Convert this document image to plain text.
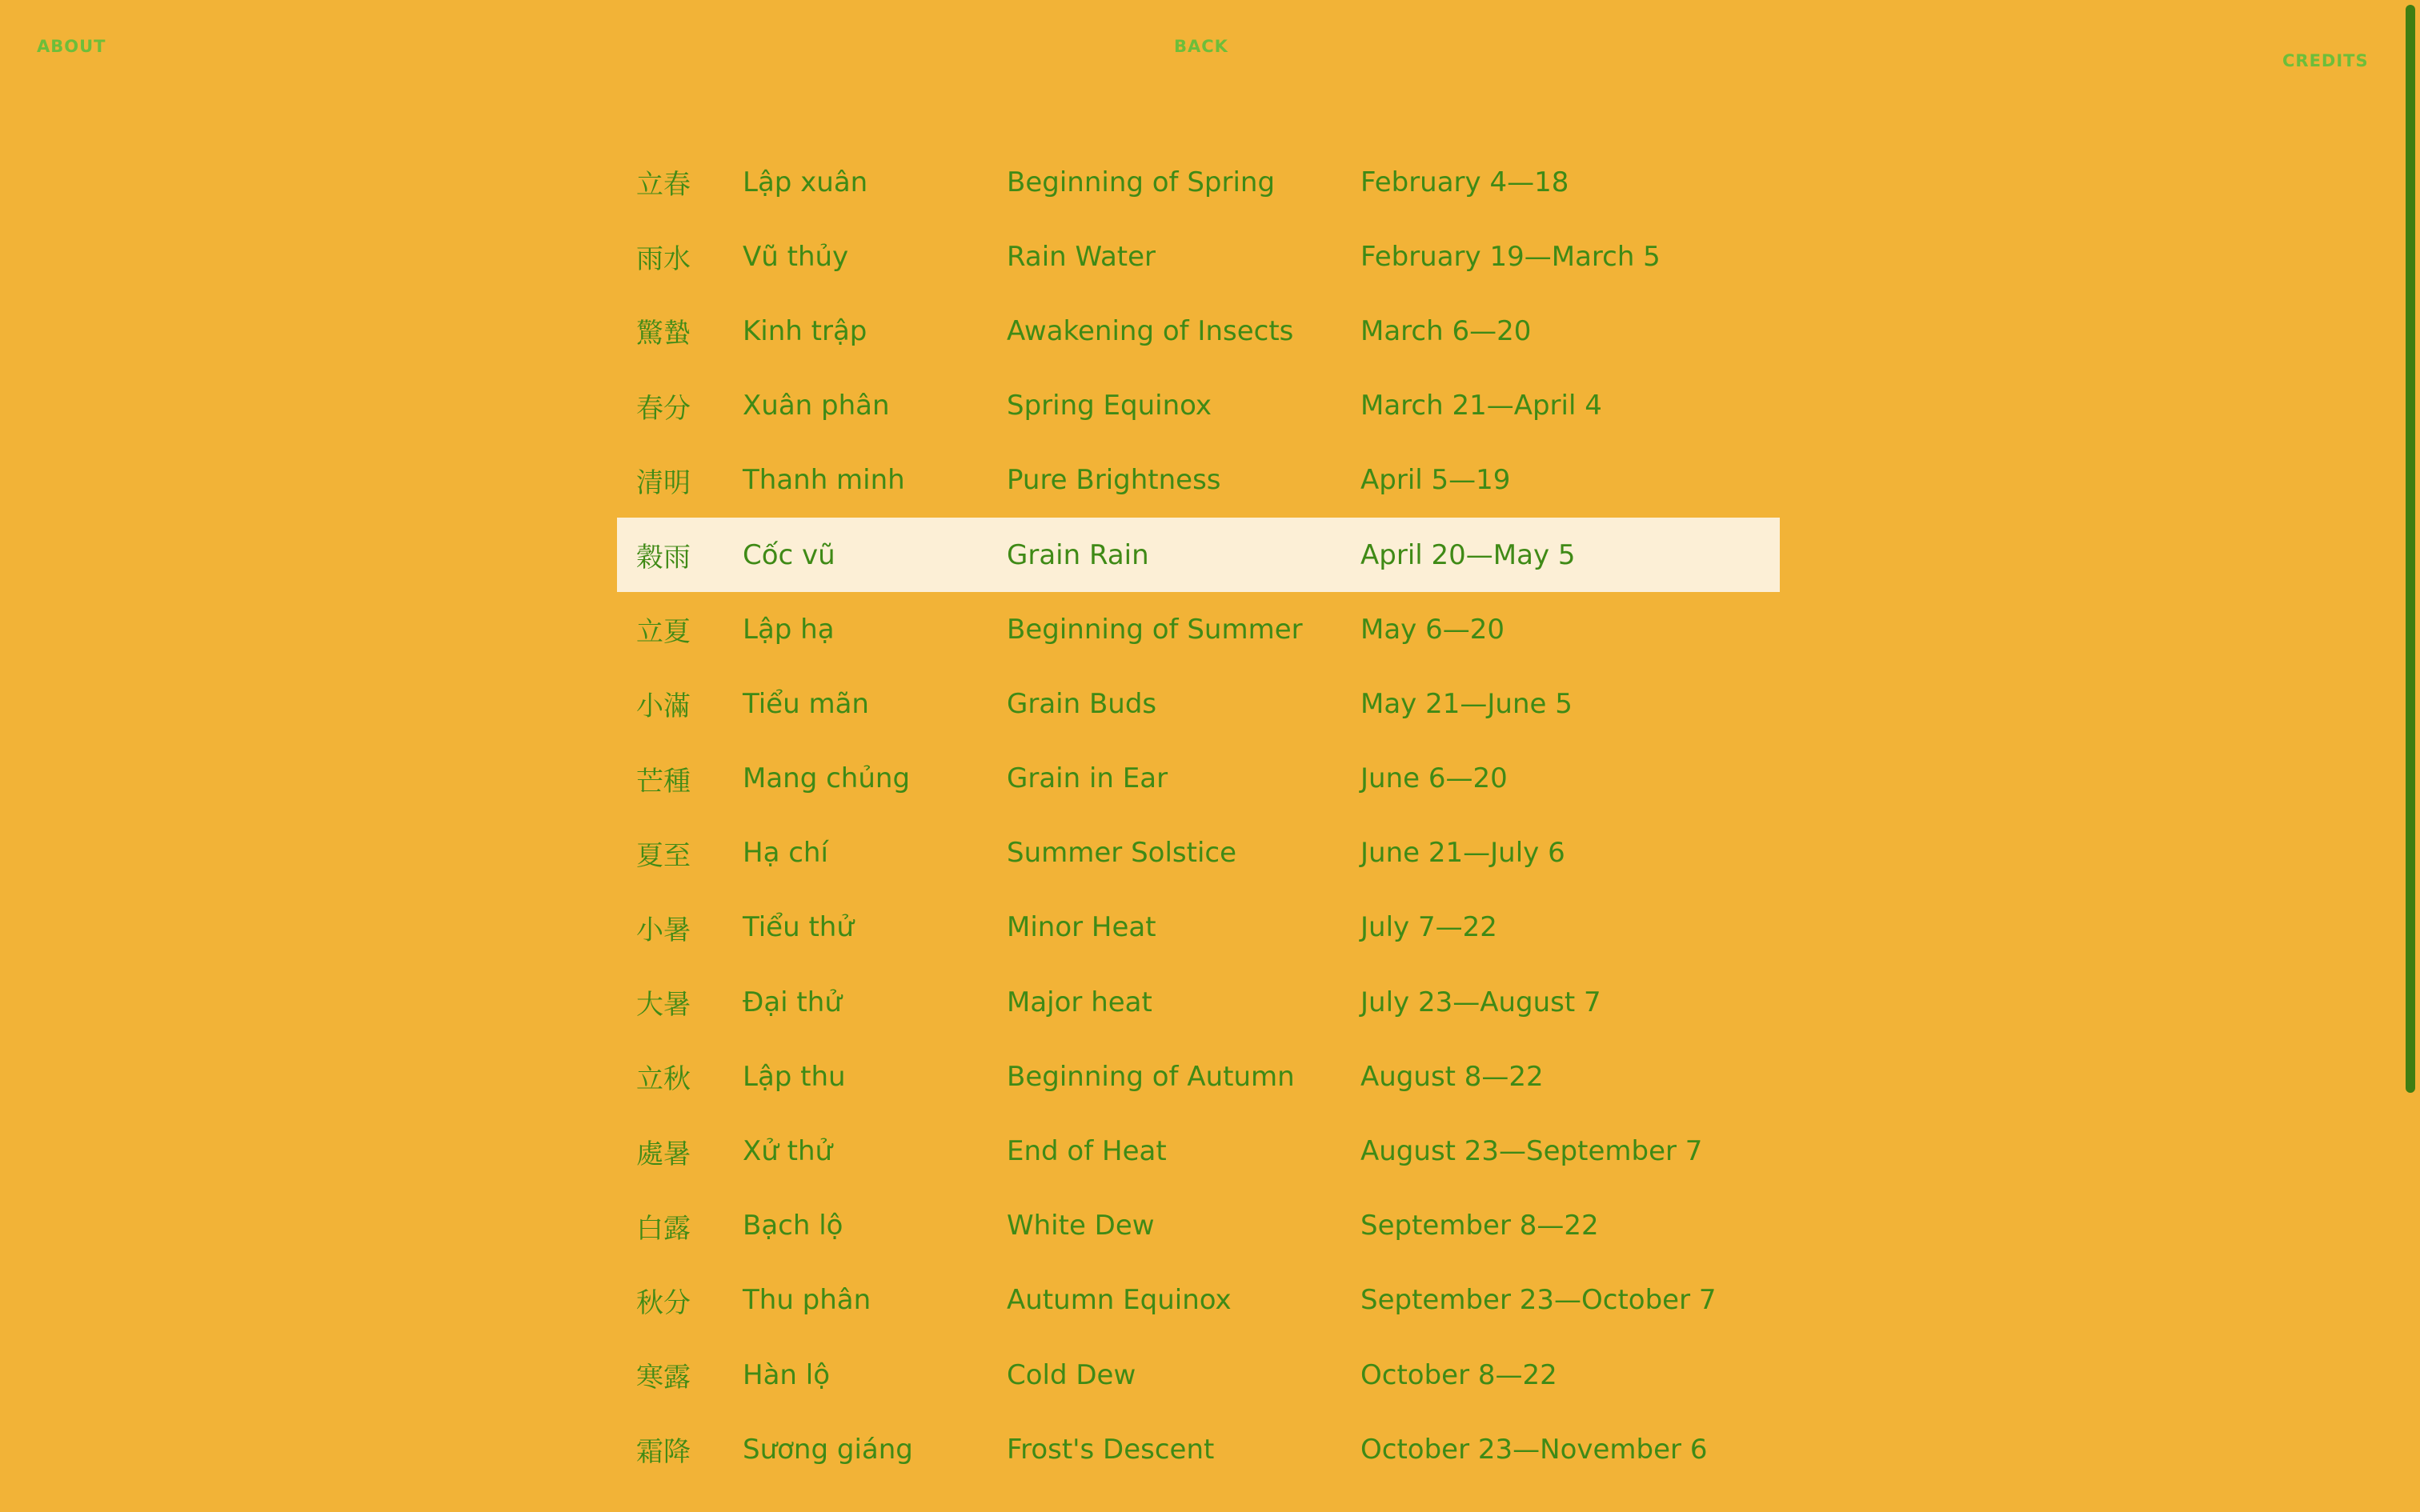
ABOUT	BACK
CREDITS
立春 Lập xuân	Beginning of Spring	February 4—18
雨水 Vũ thủy	Rain Water	February 19—March 5
驚蟄 Kinh trập	Awakening of Insects March 6—20
春分 Xuân phân	Spring Equinox	March 21—April 4
清明 Thanh minh	Pure Brightness	April 5—19
穀雨 Cốc vũ	Grain Rain	April 20—May 5
立夏 Lập hạ	Beginning of Summer May 6—20
小滿 Tiểu mãn	Grain Buds	May 21—June 5
芒種 Mang chủng	Grain in Ear	June 6—20
夏至 Hạ chí	Summer Solstice	June 21—July 6
小暑 Tiểu thử	Minor Heat	July 7—22
大暑 Đại thử	Major heat	July 23—August 7
立秋 Lập thu	Beginning of Autumn August 8—22
處暑 Xử thử	End of Heat	August 23—September 7
白露 Bạch lộ	White Dew	September 8—22
秋分 Thu phân	Autumn Equinox	September 23—October 7
寒露 Hàn lộ	Cold Dew	October 8—22
霜降 Sương giáng	Frost's Descent	October 23—November 6
